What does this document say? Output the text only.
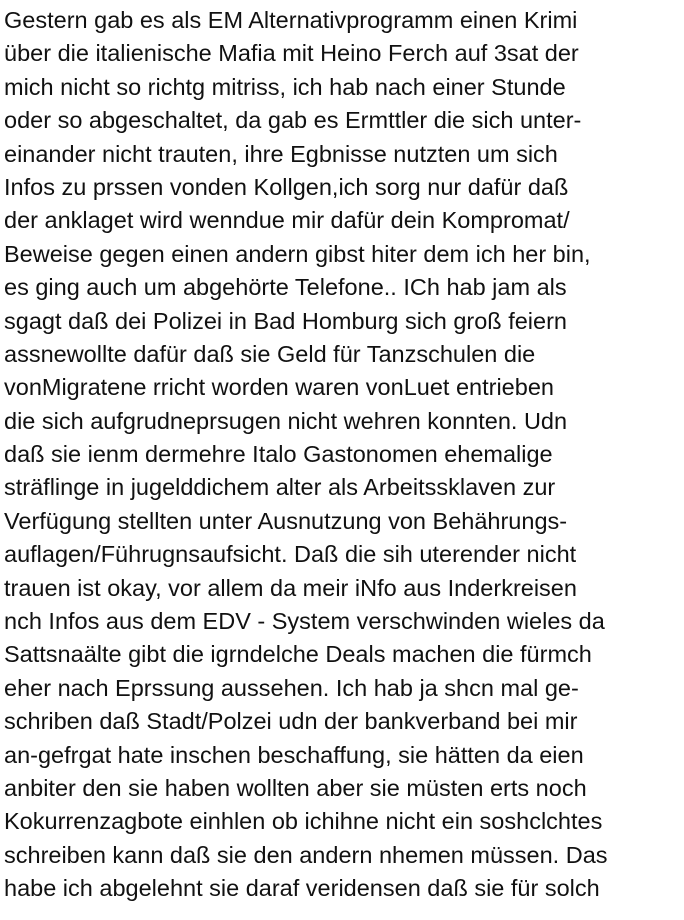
Gestern gab es als EM Alternativprogramm einen Krimi
über die italienische Mafia mit Heino Ferch auf 3sat der
mich nicht so richtg mitriss, ich hab nach einer Stunde
oder so abgeschaltet, da gab es Ermttler die sich unter-
einander nicht trauten, ihre Egbnisse nutzten um sich
Infos zu prssen vonden Kollgen,ich sorg nur dafür daß
der anklaget wird wenndue mir dafür dein Kompromat/
Beweise gegen einen andern gibst hiter dem ich her bin,
es ging auch um abgehörte Telefone.. ICh hab jam als
sgagt daß dei Polizei in Bad Homburg sich groß feiern
assnewollte dafür daß sie Geld für Tanzschulen die
vonMigratene rricht worden waren vonLuet entrieben
die sich aufgrudneprsugen nicht wehren konnten. Udn
daß sie ienm dermehre Italo Gastonomen ehemalige
sträflinge in jugelddichem alter als Arbeitssklaven zur
Verfügung stellten unter Ausnutzung von Behährungs-
auflagen/Führugnsaufsicht. Daß die sih uterender nicht
trauen ist okay, vor allem da meir iNfo aus Inderkreisen
nch Infos aus dem EDV - System verschwinden wieles da
Sattsnaälte gibt die igrndelche Deals machen die fürmch
eher nach Eprssung aussehen. Ich hab ja shcn mal ge-
schriben daß Stadt/Polzei udn der bankverband bei mir
an-gefrgat hate inschen beschaffung, sie hätten da eien
anbiter den sie haben wollten aber sie müsten erts noch
Kokurrenzagbote einhlen ob ichihne nicht ein soshclchtes
schreiben kann daß sie den andern nhemen müssen. Das
habe ich abgelehnt sie daraf veridensen daß sie für solch
